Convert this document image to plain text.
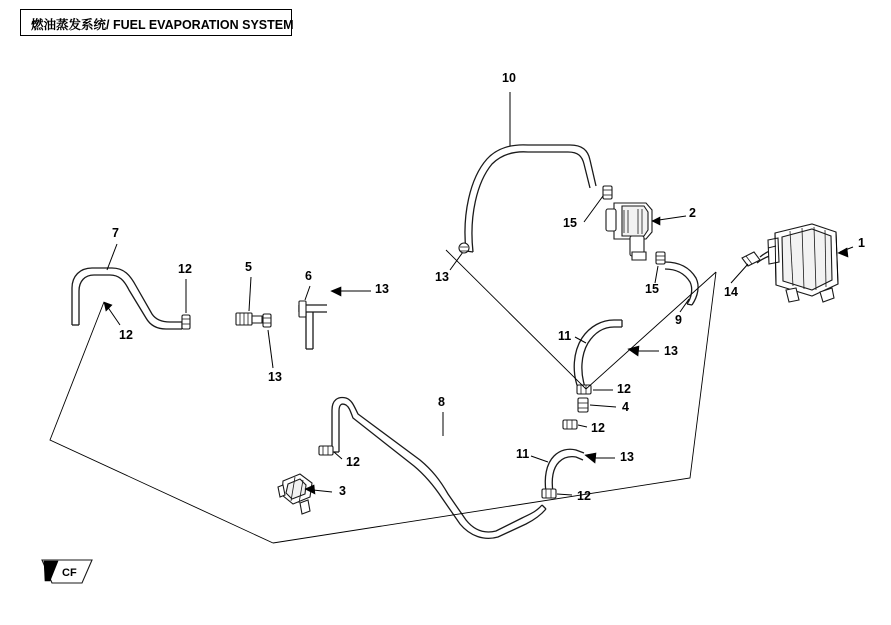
燃油蒸发系统/ FUEL EVAPORATION SYSTEM
CF
10
2
1
15
15
13
14
9
7
12	5
6
13
12
13
11
13
8
12
4
12
11	13
12
3	12
